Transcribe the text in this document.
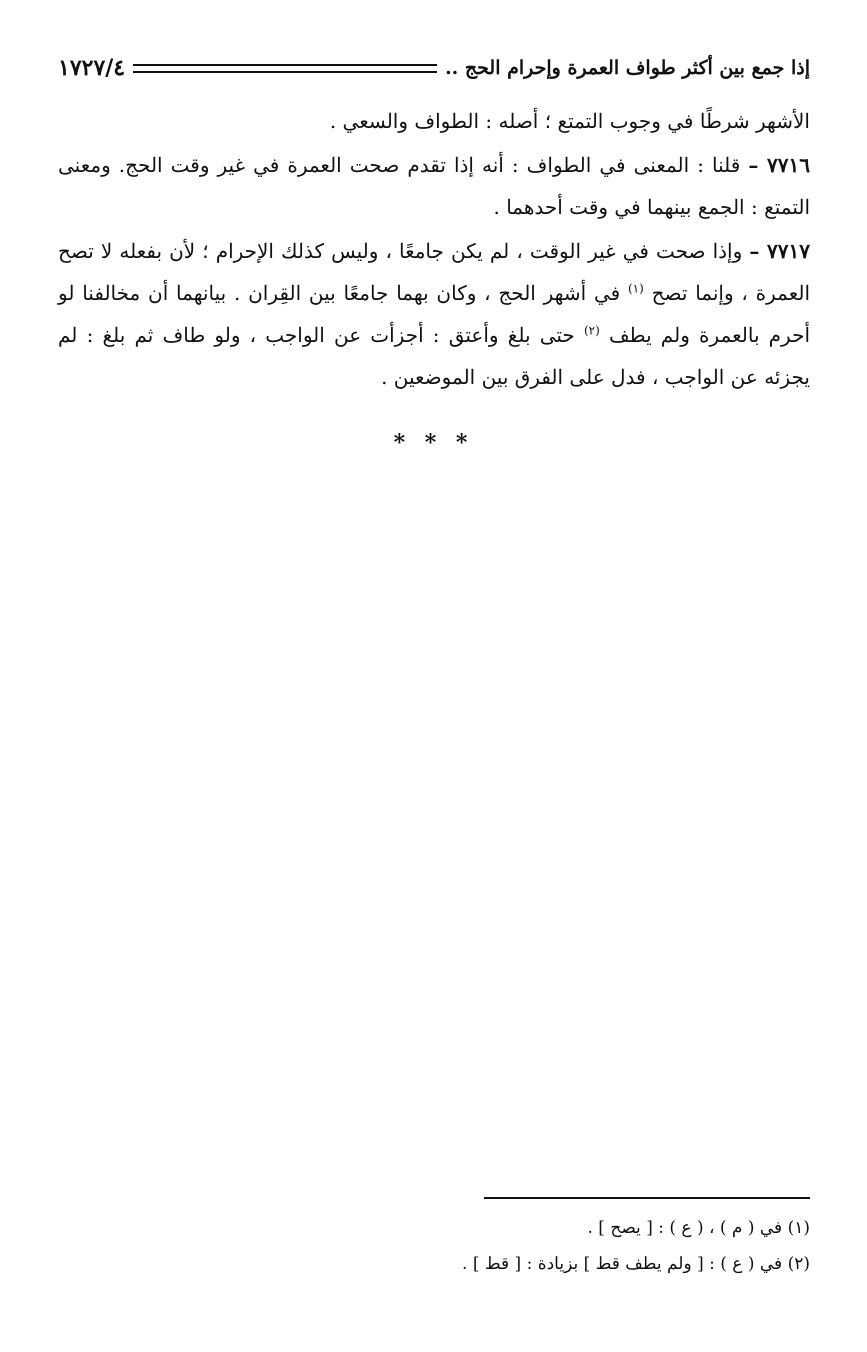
إذا جمع بين أكثر طواف العمرة وإحرام الحج ..
١٧٢٧/٤

الأشهر شرطًا في وجوب التمتع ؛ أصله : الطواف والسعي .

٧٧١٦ – قلنا : المعنى في الطواف : أنه إذا تقدم صحت العمرة في غير وقت الحج. ومعنى التمتع : الجمع بينهما في وقت أحدهما .

٧٧١٧ – وإذا صحت في غير الوقت ، لم يكن جامعًا ، وليس كذلك الإحرام ؛ لأن بفعله لا تصح العمرة ، وإنما تصح $^{(١)}$ في أشهر الحج ، وكان بهما جامعًا بين القِران . بيانهما أن مخالفنا لو أحرم بالعمرة ولم يطف $^{(٢)}$ حتى بلغ وأعتق : أجزأت عن الواجب ، ولو طاف ثم بلغ : لم يجزئه عن الواجب ، فدل على الفرق بين الموضعين .

* * *
(١) في ( م ) ، ( ع ) : [ يصح ] .
(٢) في ( ع ) : [ ولم يطف قط ] بزيادة : [ قط ] .
